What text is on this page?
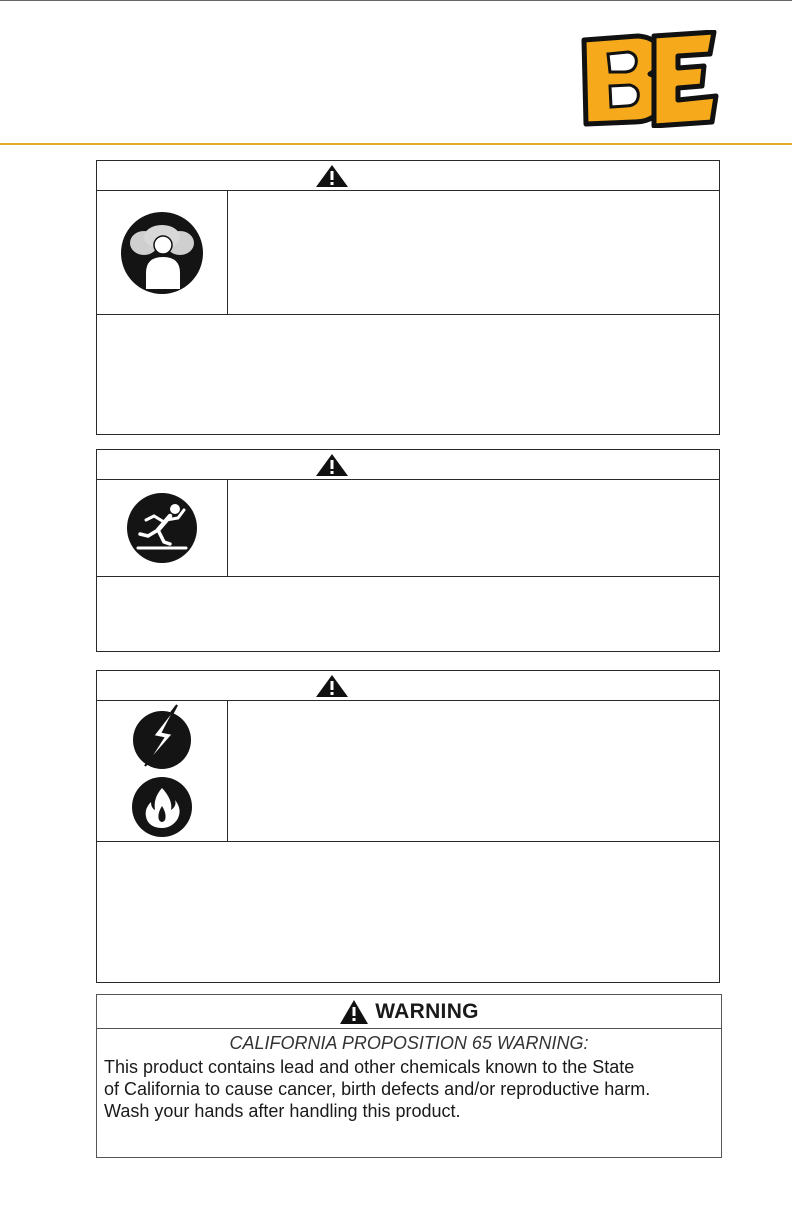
WARNING
CALIFORNIA PROPOSITION 65 WARNING:
This product contains lead and other chemicals known to the State
of California to cause cancer, birth defects and/or reproductive harm.
Wash your hands after handling this product.
